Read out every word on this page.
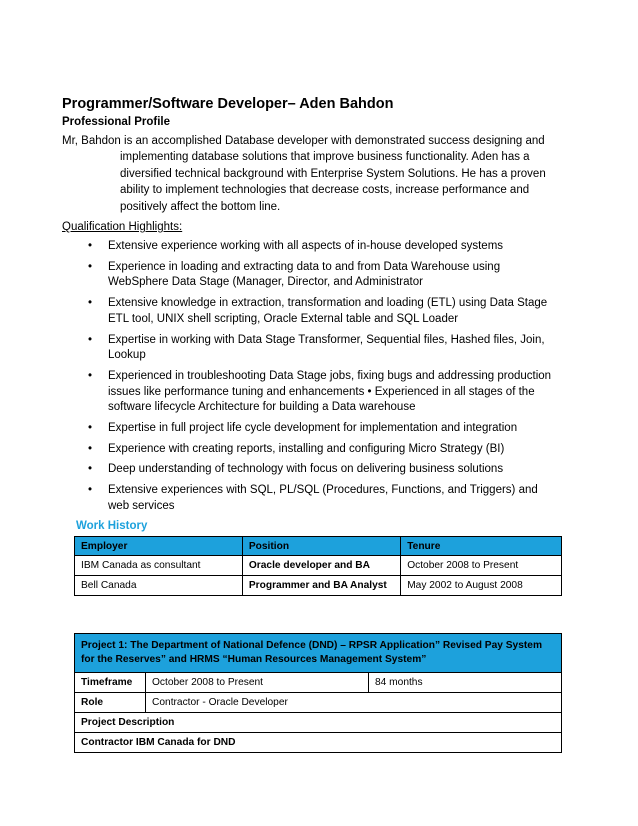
Programmer/Software Developer– Aden Bahdon
Professional Profile
Mr, Bahdon is an accomplished Database developer with demonstrated success designing and
implementing database solutions that improve business functionality. Aden has a diversified technical background with Enterprise System Solutions. He has a proven ability to implement technologies that decrease costs, increase performance and positively affect the bottom line.
Qualification Highlights:
• Extensive experience working with all aspects of in-house developed systems
• Experience in loading and extracting data to and from Data Warehouse using WebSphere Data Stage (Manager, Director, and Administrator
• Extensive knowledge in extraction, transformation and loading (ETL) using Data Stage ETL tool, UNIX shell scripting, Oracle External table and SQL Loader
• Expertise in working with Data Stage Transformer, Sequential files, Hashed files, Join, Lookup
• Experienced in troubleshooting Data Stage jobs, fixing bugs and addressing production issues like performance tuning and enhancements • Experienced in all stages of the software lifecycle Architecture for building a Data warehouse
• Expertise in full project life cycle development for implementation and integration
• Experience with creating reports, installing and configuring Micro Strategy (BI)
• Deep understanding of technology with focus on delivering business solutions
• Extensive experiences with SQL, PL/SQL (Procedures, Functions, and Triggers) and web services
Work History
Employer	Position	Tenure
IBM Canada as consultant	Oracle developer and BA	October 2008 to Present
Bell Canada	Programmer and BA Analyst	May 2002 to August 2008
Project 1: The Department of National Defence (DND) – RPSR Application” Revised Pay System for the Reserves” and HRMS “Human Resources Management System”		
Timeframe	October 2008 to Present	84 months
Role	Contractor - Oracle Developer	
Project Description		
Contractor IBM Canada for DND		
